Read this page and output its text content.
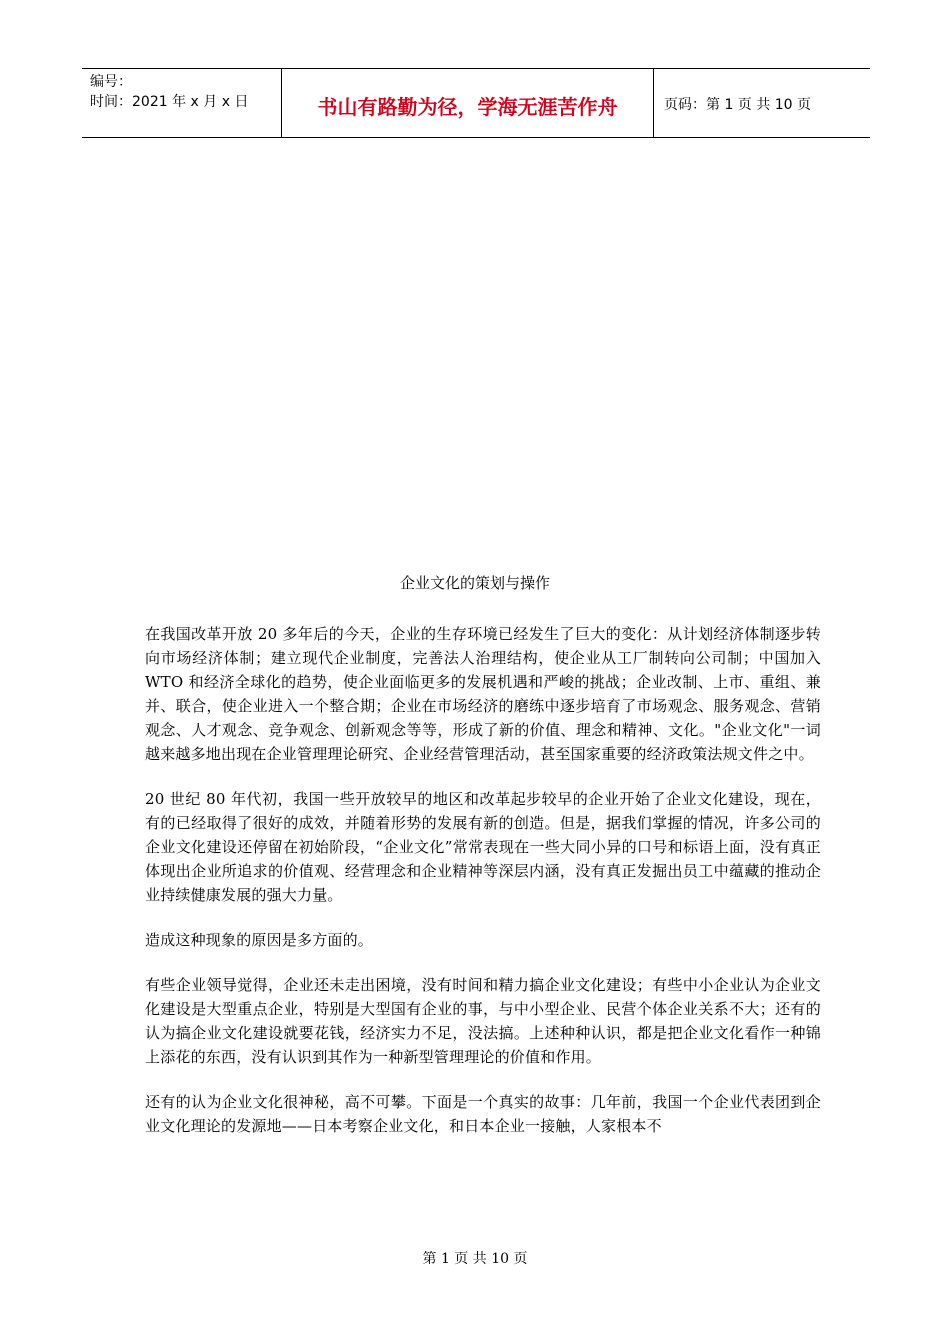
编号：
时间：2021 年 x 月 x 日	书山有路勤为径，学海无涯苦作舟	页码：第 1 页 共 10 页
企业文化的策划与操作

在我国改革开放 20 多年后的今天，企业的生存环境已经发生了巨大的变化：从计划经济体制逐步转向市场经济体制；建立现代企业制度，完善法人治理结构，使企业从工厂制转向公司制；中国加入 WTO 和经济全球化的趋势，使企业面临更多的发展机遇和严峻的挑战；企业改制、上市、重组、兼并、联合，使企业进入一个整合期；企业在市场经济的磨练中逐步培育了市场观念、服务观念、营销观念、人才观念、竞争观念、创新观念等等，形成了新的价值、理念和精神、文化。"企业文化"一词越来越多地出现在企业管理理论研究、企业经营管理活动，甚至国家重要的经济政策法规文件之中。

20 世纪 80 年代初，我国一些开放较早的地区和改革起步较早的企业开始了企业文化建设，现在，有的已经取得了很好的成效，并随着形势的发展有新的创造。但是，据我们掌握的情况，许多公司的企业文化建设还停留在初始阶段，“企业文化”常常表现在一些大同小异的口号和标语上面，没有真正体现出企业所追求的价值观、经营理念和企业精神等深层内涵，没有真正发掘出员工中蕴藏的推动企业持续健康发展的强大力量。

造成这种现象的原因是多方面的。

有些企业领导觉得，企业还未走出困境，没有时间和精力搞企业文化建设；有些中小企业认为企业文化建设是大型重点企业，特别是大型国有企业的事，与中小型企业、民营个体企业关系不大；还有的认为搞企业文化建设就要花钱，经济实力不足，没法搞。上述种种认识，都是把企业文化看作一种锦上添花的东西，没有认识到其作为一种新型管理理论的价值和作用。

还有的认为企业文化很神秘，高不可攀。下面是一个真实的故事：几年前，我国一个企业代表团到企业文化理论的发源地——日本考察企业文化，和日本企业一接触，人家根本不

第 1 页 共 10 页
